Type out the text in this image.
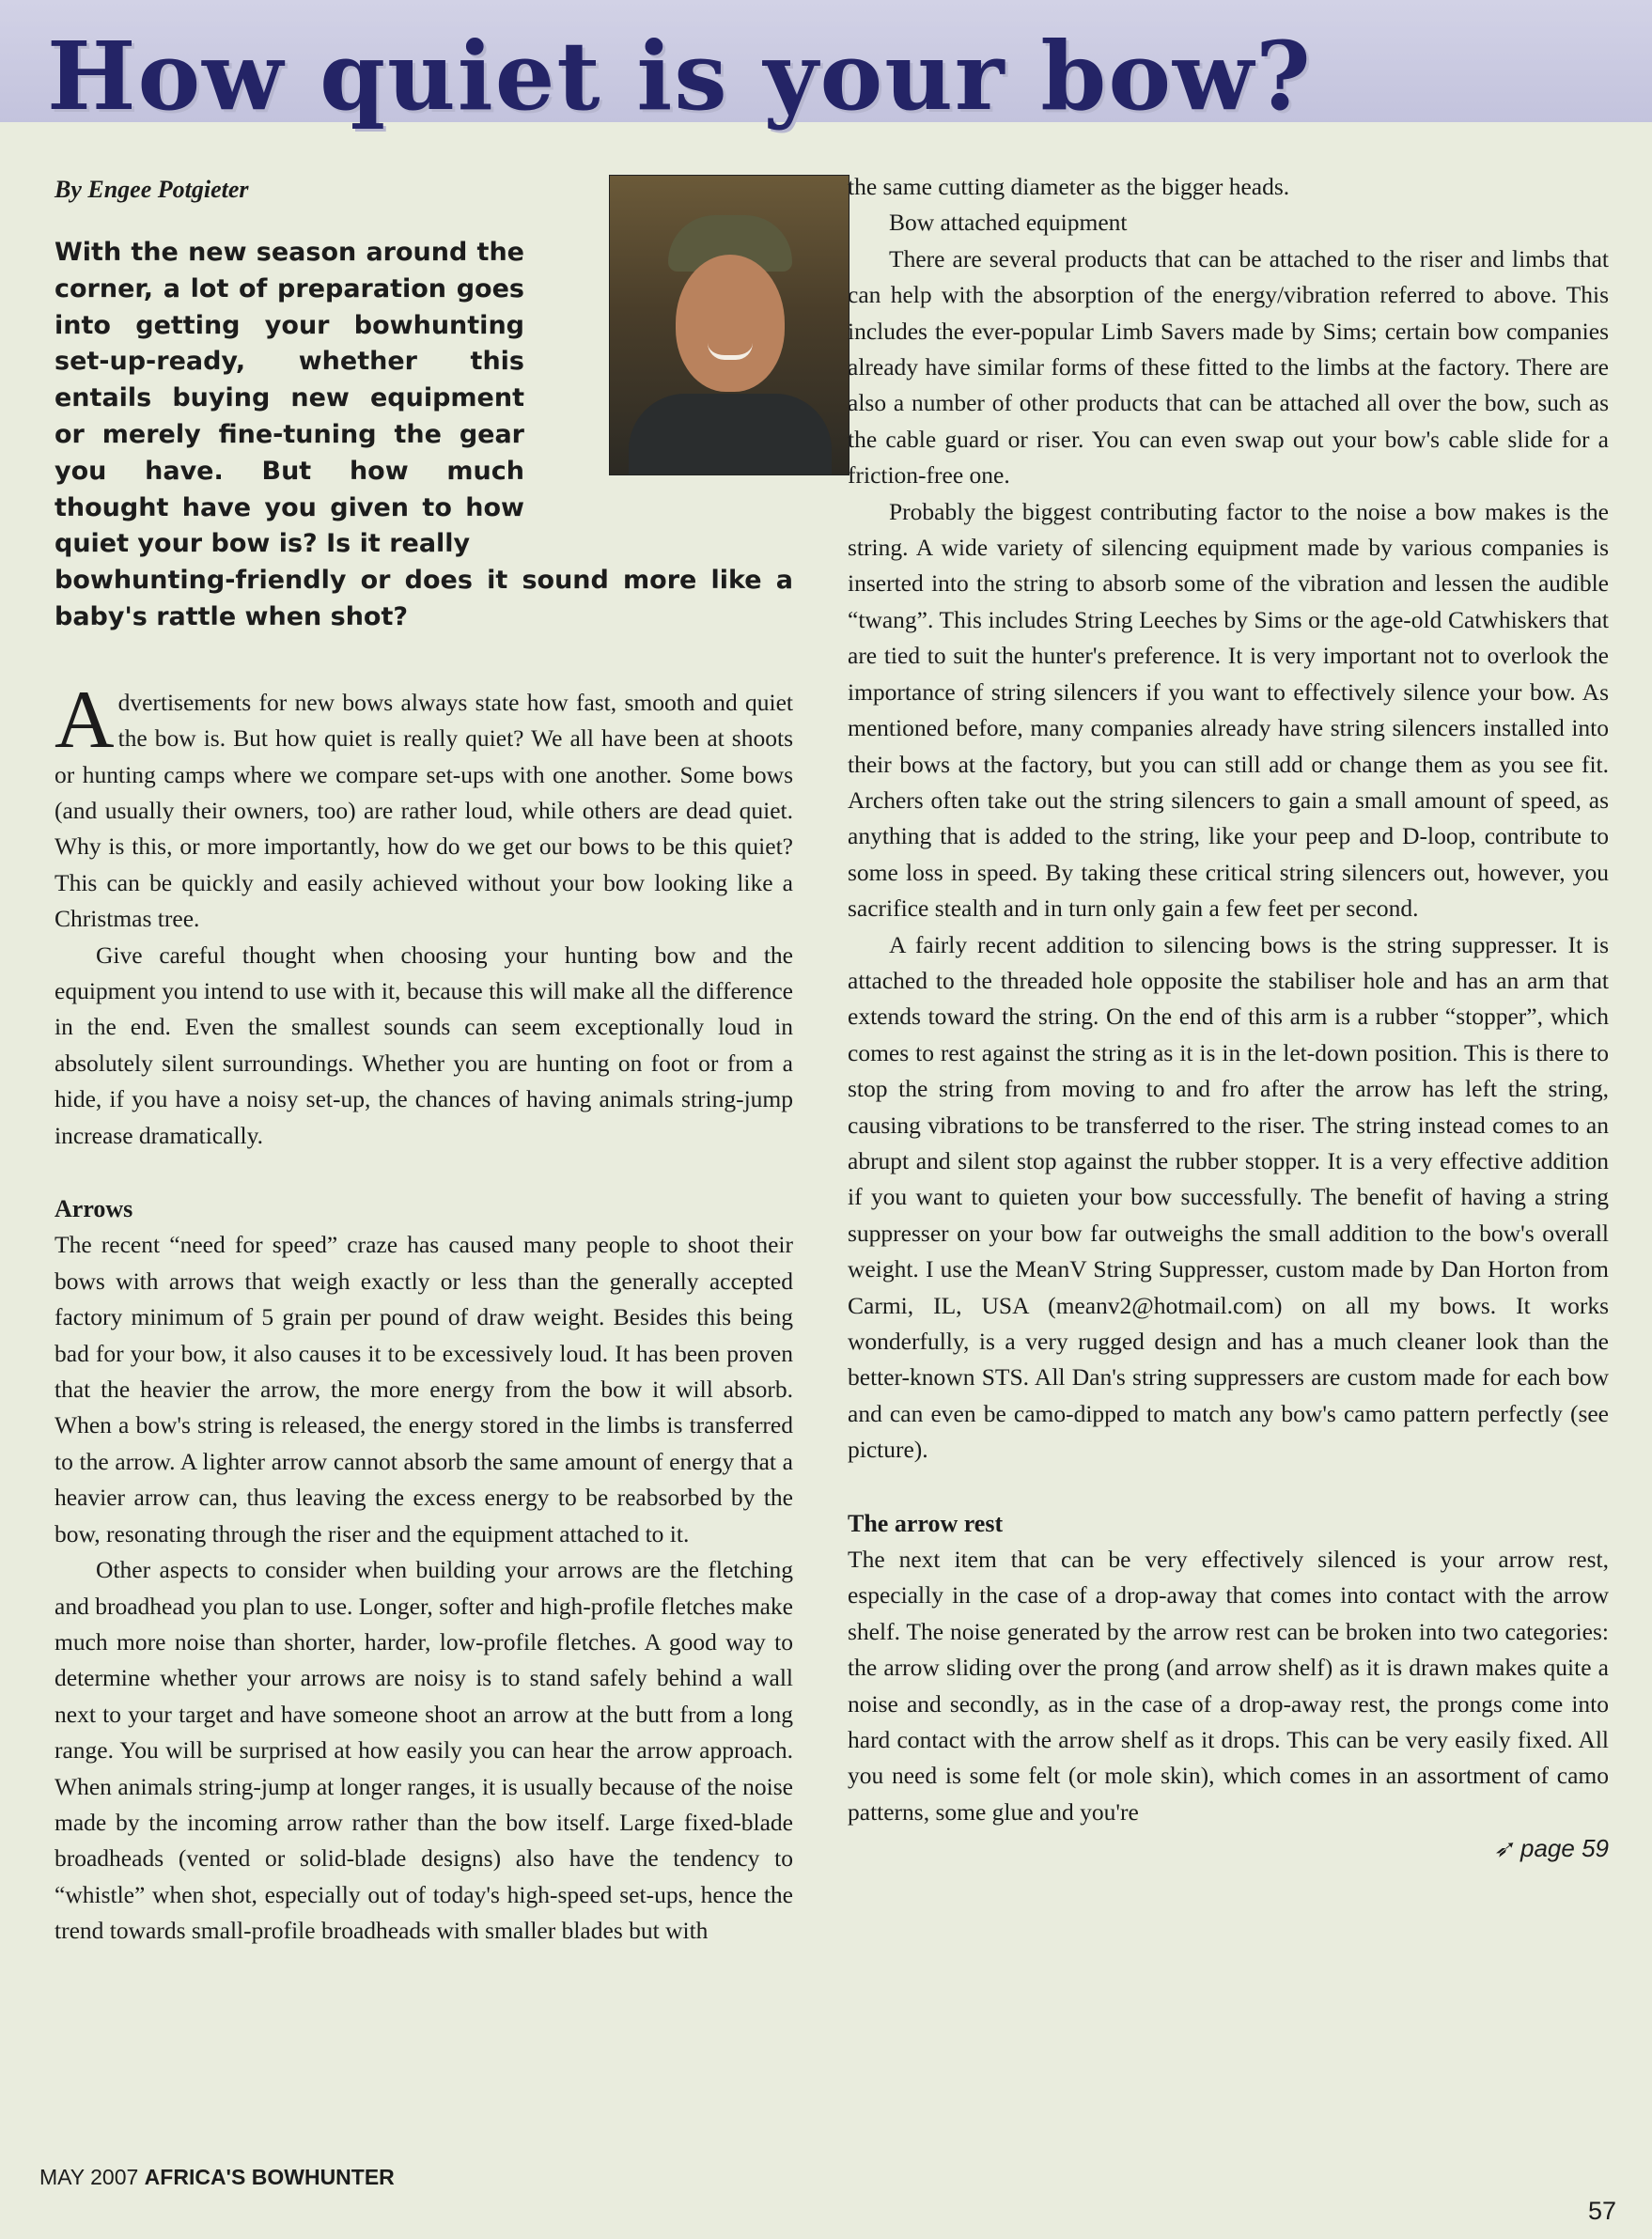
How quiet is your bow?
By Engee Potgieter
With the new season around the corner, a lot of preparation goes into getting your bowhunting set-up-ready, whether this entails buying new equipment or merely fine-tuning the gear you have. But how much thought have you given to how quiet your bow is? Is it really
bowhunting-friendly or does it sound more like a baby's rattle when shot?

Advertisements for new bows always state how fast, smooth and quiet the bow is. But how quiet is really quiet? We all have been at shoots or hunting camps where we compare set-ups with one another. Some bows (and usually their owners, too) are rather loud, while others are dead quiet. Why is this, or more importantly, how do we get our bows to be this quiet? This can be quickly and easily achieved without your bow looking like a Christmas tree.

Give careful thought when choosing your hunting bow and the equipment you intend to use with it, because this will make all the difference in the end. Even the smallest sounds can seem exceptionally loud in absolutely silent surroundings. Whether you are hunting on foot or from a hide, if you have a noisy set-up, the chances of having animals string-jump increase dramatically.

Arrows

The recent “need for speed” craze has caused many people to shoot their bows with arrows that weigh exactly or less than the generally accepted factory minimum of 5 grain per pound of draw weight. Besides this being bad for your bow, it also causes it to be excessively loud. It has been proven that the heavier the arrow, the more energy from the bow it will absorb. When a bow's string is released, the energy stored in the limbs is transferred to the arrow. A lighter arrow cannot absorb the same amount of energy that a heavier arrow can, thus leaving the excess energy to be reabsorbed by the bow, resonating through the riser and the equipment attached to it.

Other aspects to consider when building your arrows are the fletching and broadhead you plan to use. Longer, softer and high-profile fletches make much more noise than shorter, harder, low-profile fletches. A good way to determine whether your arrows are noisy is to stand safely behind a wall next to your target and have someone shoot an arrow at the butt from a long range. You will be surprised at how easily you can hear the arrow approach. When animals string-jump at longer ranges, it is usually because of the noise made by the incoming arrow rather than the bow itself. Large fixed-blade broadheads (vented or solid-blade designs) also have the tendency to “whistle” when shot, especially out of today's high-speed set-ups, hence the trend towards small-profile broadheads with smaller blades but with

the same cutting diameter as the bigger heads.

Bow attached equipment

There are several products that can be attached to the riser and limbs that can help with the absorption of the energy/vibration referred to above. This includes the ever-popular Limb Savers made by Sims; certain bow companies already have similar forms of these fitted to the limbs at the factory. There are also a number of other products that can be attached all over the bow, such as the cable guard or riser. You can even swap out your bow's cable slide for a friction-free one.

Probably the biggest contributing factor to the noise a bow makes is the string. A wide variety of silencing equipment made by various companies is inserted into the string to absorb some of the vibration and lessen the audible “twang”. This includes String Leeches by Sims or the age-old Catwhiskers that are tied to suit the hunter's preference. It is very important not to overlook the importance of string silencers if you want to effectively silence your bow. As mentioned before, many companies already have string silencers installed into their bows at the factory, but you can still add or change them as you see fit. Archers often take out the string silencers to gain a small amount of speed, as anything that is added to the string, like your peep and D-loop, contribute to some loss in speed. By taking these critical string silencers out, however, you sacrifice stealth and in turn only gain a few feet per second.

A fairly recent addition to silencing bows is the string suppresser. It is attached to the threaded hole opposite the stabiliser hole and has an arm that extends toward the string. On the end of this arm is a rubber “stopper”, which comes to rest against the string as it is in the let-down position. This is there to stop the string from moving to and fro after the arrow has left the string, causing vibrations to be transferred to the riser. The string instead comes to an abrupt and silent stop against the rubber stopper. It is a very effective addition if you want to quieten your bow successfully. The benefit of having a string suppresser on your bow far outweighs the small addition to the bow's overall weight. I use the MeanV String Suppresser, custom made by Dan Horton from Carmi, IL, USA (meanv2@hotmail.com) on all my bows. It works wonderfully, is a very rugged design and has a much cleaner look than the better-known STS. All Dan's string suppressers are custom made for each bow and can even be camo-dipped to match any bow's camo pattern perfectly (see picture).

The arrow rest

The next item that can be very effectively silenced is your arrow rest, especially in the case of a drop-away that comes into contact with the arrow shelf. The noise generated by the arrow rest can be broken into two categories: the arrow sliding over the prong (and arrow shelf) as it is drawn makes quite a noise and secondly, as in the case of a drop-away rest, the prongs come into hard contact with the arrow shelf as it drops. This can be very easily fixed. All you need is some felt (or mole skin), which comes in an assortment of camo patterns, some glue and you're

➶ page 59
MAY 2007 AFRICA'S BOWHUNTER
57
